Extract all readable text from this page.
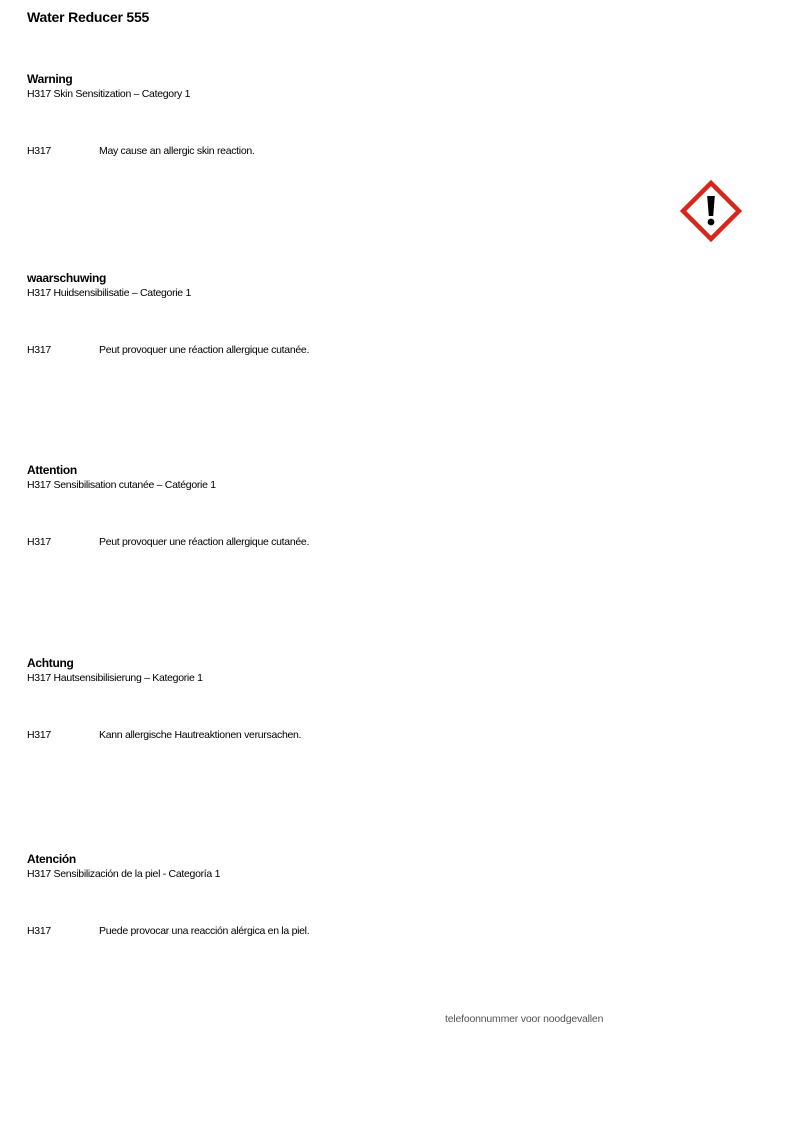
Water Reducer 555
Warning
H317 Skin Sensitization – Category 1
H317	May cause an allergic skin reaction.
waarschuwing
H317 Huidsensibilisatie – Categorie 1
H317	Peut provoquer une réaction allergique cutanée.
Attention
H317 Sensibilisation cutanée – Catégorie 1
H317	Peut provoquer une réaction allergique cutanée.
Achtung
H317 Hautsensibilisierung – Kategorie 1
H317	Kann allergische Hautreaktionen verursachen.
Atención
H317 Sensibilización de la piel - Categoría 1
H317	Puede provocar una reacción alérgica en la piel.
telefoonnummer voor noodgevallen
